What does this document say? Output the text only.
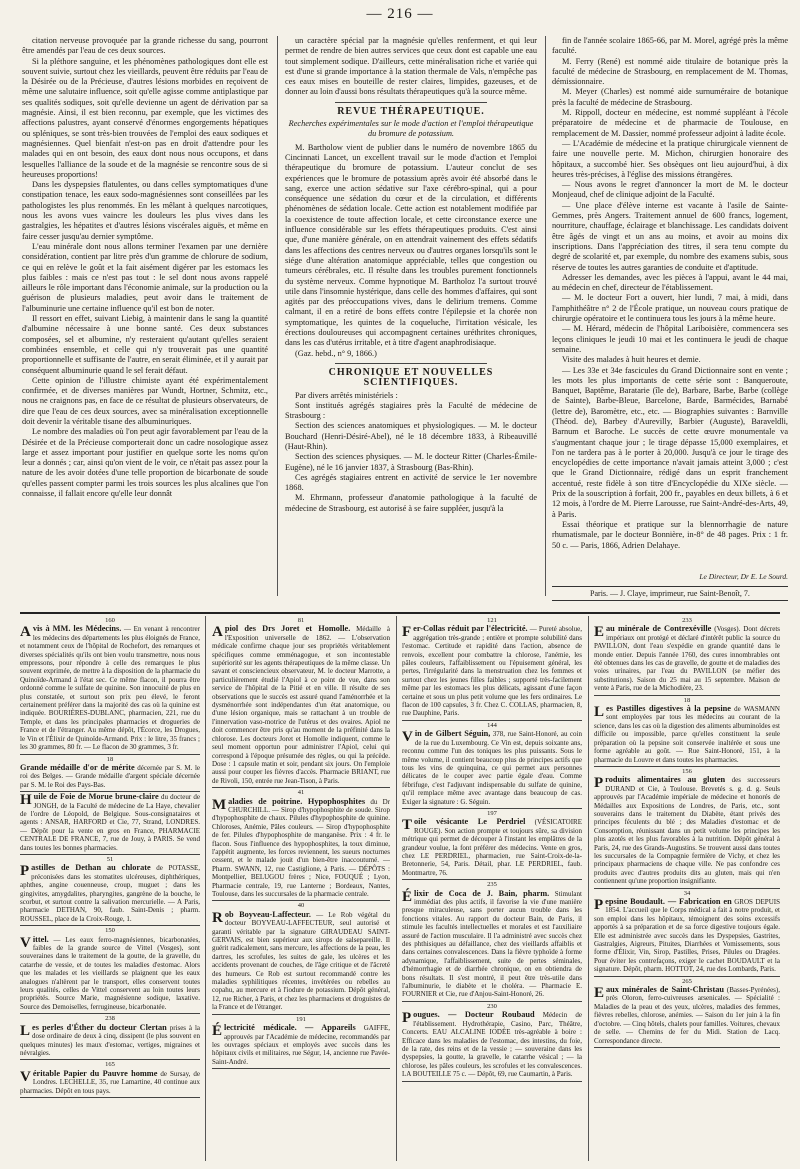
— 216 —

citation nerveuse provoquée par la grande richesse du sang, pourront être amendés par l'eau de ces deux sources.

Si la pléthore sanguine, et les phénomènes pathologiques dont elle est souvent suivie, surtout chez les vieillards, peuvent être réduits par l'eau de la Désirée ou de la Précieuse, d'autres lésions morbides en reçoivent de même une salutaire influence, soit qu'elle agisse comme antiplastique par ses qualités sodiques, soit qu'elle devienne un agent de dérivation par sa magnésie. Ainsi, il est bien reconnu, par exemple, que les victimes des affections palustres, ayant conservé d'énormes engorgements hépatiques ou spléniques, se sont très-bien trouvées de l'emploi des eaux sodiques et magnésiennes. Quel bienfait n'est-on pas en droit d'attendre pour les malades qui en ont besoin, des eaux dont nous nous occupons, et dans lesquelles l'alliance de la soude et de la magnésie se rencontre sous de si heureuses proportions!

Dans les dyspepsies flatulentes, ou dans celles symptomatiques d'une constipation tenace, les eaux sodo-magnésiennes sont conseillées par les pathologistes les plus renommés. En les mêlant à quelques narcotiques, nous les avons vues vaincre les douleurs les plus vives dans les gastralgies, les hépatites et d'autres lésions viscérales aiguës, et même en faire cesser jusqu'au dernier symptôme.

L'eau minérale dont nous allons terminer l'examen par une dernière considération, contient par litre près d'un gramme de chlorure de sodium, ce qui en relève le goût et la fait aisément digérer par les estomacs les plus faibles : mais ce n'est pas tout : le sel dont nous avons rappelé ailleurs le rôle important dans l'économie animale, sur la production ou la guérison de plusieurs maladies, peut avoir dans le traitement de l'albuminurie une certaine influence qu'il est bon de noter.

Il ressort en effet, suivant Liebig, à maintenir dans le sang la quantité d'albumine nécessaire à une bonne santé. Ces deux substances composées, sel et albumine, n'y resteraient qu'autant qu'elles seraient combinées ensemble, et celle qui n'y trouverait pas une quantité proportionnelle et suffisante de l'autre, en serait éliminée, et il y aurait par conséquent albuminurie quand le sel ferait défaut.

Cette opinion de l'illustre chimiste ayant été expérimentalement confirmée, et de diverses manières par Wundt, Hortner, Schmitz, etc., nous ne craignons pas, en face de ce résultat de plusieurs observateurs, de dire que l'eau de ces deux sources, avec sa minéralisation exceptionnelle doit devenir la véritable tisane des albuminuriques.

Le nombre des maladies où l'on peut agir favorablement par l'eau de la Désirée et de la Précieuse comporterait donc un cadre nosologique assez large et assez important pour justifier en quelque sorte les noms qu'on leur a donnés ; car, ainsi qu'on vient de le voir, ce n'était pas assez pour la nature de les avoir dotées d'une telle proportion de bicarbonate de soude qu'elles passent compter parmi les trois sources les plus alcalines que l'on connaisse, il fallait encore qu'elle leur donnât

un caractère spécial par la magnésie qu'elles renferment, et qui leur permet de rendre de bien autres services que ceux dont est capable une eau tout simplement sodique. D'ailleurs, cette minéralisation riche et variée qui est d'une si grande importance à la station thermale de Vals, n'empêche pas ces eaux mises en bouteille de rester claires, limpides, gazeuses, et de donner au loin d'aussi bons résultats thérapeutiques qu'à la source même.

REVUE THÉRAPEUTIQUE.
Recherches expérimentales sur le mode d'action et l'emploi thérapeutique du bromure de potassium.

M. Bartholow vient de publier dans le numéro de novembre 1865 du Cincinnati Lancet, un excellent travail sur le mode d'action et l'emploi thérapeutique du bromure de potassium. L'auteur conclut de ses expériences que le bromure de potassium après avoir été absorbé dans le sang, exerce une action sédative sur l'axe cérébro-spinal, qui a pour conséquence une sédation du cœur et de la circulation, et différents phénomènes de sédation locale. Cette action est notablement modifiée par la coexistence de toute affection locale, et cette circonstance exerce une influence considérable sur les effets thérapeutiques produits. C'est ainsi que, d'une manière générale, on en attendrait vainement des effets sédatifs dans les affections des centres nerveux ou d'autres organes lorsqu'ils sont le siége d'une altération anatomique appréciable, telles que congestion ou tumeurs cérébrales, etc. Il résulte dans les troubles purement fonctionnels du système nerveux. Comme hypnotique M. Bartholoz l'a surtout trouvé utile dans l'insomnie hystérique, dans celle des hommes d'affaires, qui sont agités par des préoccupations vives, dans le delirium tremens. Comme calmant, il en a retiré de bons effets contre l'épilepsie et la chorée non symptomatique, les quintes de la coqueluche, l'irritation vésicale, les érections douloureuses qui accompagnent certaines uréthrites chroniques, dans les cas d'utérus irritable, et à titre d'agent anaphrodisiaque.

(Gaz. hebd., n° 9, 1866.)

CHRONIQUE ET NOUVELLES SCIENTIFIQUES.

Par divers arrêtés ministériels :

Sont institués agrégés stagiaires près la Faculté de médecine de Strasbourg :

Section des sciences anatomiques et physiologiques. — M. le docteur Bouchard (Henri-Désiré-Abel), né le 18 décembre 1833, à Ribeauvillé (Haut-Rhin).

Section des sciences physiques. — M. le docteur Ritter (Charles-Émile-Eugène), né le 16 janvier 1837, à Strasbourg (Bas-Rhin).

Ces agrégés stagiaires entrent en activité de service le 1er novembre 1868.

M. Ehrmann, professeur d'anatomie pathologique à la faculté de médecine de Strasbourg, est autorisé à se faire suppléer, jusqu'à la

fin de l'année scolaire 1865-66, par M. Morel, agrégé près la même faculté.

M. Ferry (René) est nommé aide titulaire de botanique près la faculté de médecine de Strasbourg, en remplacement de M. Thomas, démissionnaire.

M. Meyer (Charles) est nommé aide surnuméraire de botanique près la faculté de médecine de Strasbourg.

M. Rippoll, docteur en médecine, est nommé suppléant à l'école préparatoire de médecine et de pharmacie de Toulouse, en remplacement de M. Dassier, nommé professeur adjoint à ladite école.

— L'Académie de médecine et la pratique chirurgicale viennent de faire une nouvelle perte. M. Michon, chirurgien honoraire des hôpitaux, a succombé hier. Ses obsèques ont lieu aujourd'hui, à dix heures très-précises, à l'église des missions étrangères.

— Nous avons le regret d'annoncer la mort de M. le docteur Monjeaud, chef de clinique adjoint de la Faculté.

— Une place d'élève interne est vacante à l'asile de Sainte-Gemmes, près Angers. Traitement annuel de 600 francs, logement, nourriture, chauffage, éclairage et blanchissage. Les candidats doivent être âgés de vingt et un ans au moins, et avoir au moins dix inscriptions. Dans l'appréciation des titres, il sera tenu compte du degré de scolarité et, par exemple, du nombre des examens subis, sous réserve de toutes les autres garanties de conduite et d'aptitude.

Adresser les demandes, avec les pièces à l'appui, avant le 44 mai, au médecin en chef, directeur de l'établissement.

— M. le docteur Fort a ouvert, hier lundi, 7 mai, à midi, dans l'amphithéâtre n° 2 de l'École pratique, un nouveau cours pratique de chirurgie opératoire et le continuera tous les jours à la même heure.

— M. Hérard, médecin de l'hôpital Lariboisière, commencera ses leçons cliniques le jeudi 10 mai et les continuera le jeudi de chaque semaine.

Visite des malades à huit heures et demie.

— Les 33e et 34e fascicules du Grand Dictionnaire sont en vente ; les mots les plus importants de cette série sont : Banqueroute, Banquet, Baptême, Baratarie (île de), Barbare, Barbe, Barbe (collège de Sainte), Barbe-Bleue, Barcelone, Barde, Barmécides, Barnabé (lettre de), Baromètre, etc., etc. — Biographies suivantes : Barnville (Théod. de), Barbey d'Aurevilly, Barbier (Auguste), Baraveldli, Barnum et Baroche. Le succès de cette œuvre monumentale va s'augmentant chaque jour ; le tirage dépasse 15,000 exemplaires, et l'on ne tardera pas à le porter à 20,000. Jusqu'à ce jour le tirage des encyclopédies de cette importance n'avait jamais atteint 3,000 ; c'est que le Grand Dictionnaire, rédigé dans un esprit franchement accentué, reste fidèle à son titre d'Encyclopédie du XIXe siècle. — Prix de la souscription à forfait, 200 fr., payables en deux billets, à 6 et 12 mois, à l'ordre de M. Pierre Larousse, rue Saint-André-des-Arts, 49, à Paris.

Essai théorique et pratique sur la blennorrhagie de nature rhumatismale, par le docteur Bonnière, in-8° de 48 pages. Prix : 1 fr. 50 c. — Paris, 1866, Adrien Delahaye.

Le Directeur, Dr E. Le Sourd.
Paris. — J. Claye, imprimeur, rue Saint-Benoît, 7.
160
A vis à MM. les Médecins. — En venant à rencontrer les médecins des départements les plus éloignés de France, et notamment ceux de l'hôpital de Rochefort, des remarques et diverses spécialités qu'ils ont bien voulu transmettre, nous nous empressons, pour répondre à celle des remarques le plus souvent exprimée, de mettre à la disposition de la pharmacie du Quinoïde-Armand à l'état sec. Ce même flacon, il pourra être ordonné comme le sulfate de quinine. Son innocuité de plus en plus constatée, et surtout son prix peu élevé, le feront certainement préférer dans la majorité des cas où la quinine est indiquée. BOURIÈRES-DUBLANC, pharmacien, 221, rue du Temple, et dans les principales pharmacies et drogueries de France et de l'étranger. Au même dépôt, l'Écorce, les Drogues, le Vin et l'Élixir de Quinoïde-Armand. Prix : le litre, 35 francs ; les 30 grammes, 80 fr. — Le flacon de 30 grammes, 3 fr.
18
Grande médaille d'or de mérite décernée par S. M. le roi des Belges. — Grande médaille d'argent spéciale décernée par S. M. le Roi des Pays-Bas.
Huile de Foie de Morue brune-claire du docteur de JONGH, de la Faculté de médecine de La Haye, chevalier de l'ordre de Léopold, de Belgique. Sous-consignataires et agents : ANSAR, HARFORD et Cie, 77, Strand, LONDRES. — Dépôt pour la vente en gros en France, PHARMACIE CENTRALE DE FRANCE, 7, rue de Jouy, à PARIS. Se vend dans toutes les bonnes pharmacies.
51
P astilles de Dethan au chlorate de POTASSE, préconisées dans les stomatites ulcéreuses, diphthériques, aphthes, angine couenneuse, croup, muguet ; dans les gingivites, amygdalites, pharyngites, gangrène de la bouche, le scorbut, et surtout contre la salivation mercurielle. — A Paris, pharmacie DETHAN, 90, faub. Saint-Denis ; pharm. ROUSSEL, place de la Croix-Rouge, 1.
150
V ittel. — Les eaux ferro-magnésiennes, bicarbonatées, faibles de la grande source de Vittel (Vosges), sont souveraines dans le traitement de la goutte, de la gravelle, du catarrhe de vessie, et de toutes les maladies d'estomac. Alors que les malades et les vieillards se plaignent que les eaux analogues n'altèrent par le transport, elles conservent toutes leurs qualités, celles de Vittel conservent au loin toutes leurs propriétés. Source Marie, magnésienne sodique, laxative. Source des Demoiselles, ferrugineuse, bicarbonatée.
238
L es perles d'Éther du docteur Clertan prises à la dose ordinaire de deux à cinq, dissipent (le plus souvent en quelques minutes) les maux d'estomac, vertiges, migraines et névralgies.
165
V éritable Papier du Pauvre homme de Sursay, de Londres. LECHELLE, 35, rue Lamartine, 40 continue aux pharmacies. Dépôt en tous pays.
81
A piol des Drs Joret et Homolle. Médaille à l'Exposition universelle de 1862. — L'observation médicale confirme chaque jour ses propriétés véritablement spécifiques comme emménagogue, et son incontestable supériorité sur les agents thérapeutiques de la même classe. Un savant et consciencieux observateur, M. le docteur Marrotte, a particulièrement étudié l'Apiol à ce point de vue, dans son service de l'hôpital de la Pitié et en ville. Il résulte de ses observations que le succès est assuré quand l'aménorrhée et la dysménorrhée sont indépendantes d'un état anatomique, ou d'une lésion organique, mais se rattachant à un trouble de l'innervation vaso-motrice de l'utérus et des ovaires. Apiol ne doit commencer être pris qu'au moment de la préfinité dans la chlorose. Les docteurs Joret et Homolle indiquent, comme le seul moment opportun pour administrer l'Apiol, celui qui correspond à l'époque présumée des règles, ou qui la précède. Dose : 1 capsule matin et soir, pendant six jours. On l'emploie aussi pour couper les fièvres d'accès. Pharmacie BRIANT, rue de Rivoli, 150, entrée rue Jean-Tison, à Paris.
41
M aladies de poitrine. Hypophosphites du Dr CHURCHILL. — Sirop d'hypophosphite de soude. Sirop d'hypophosphite de chaux. Pilules d'hypophosphite de quinine. Chloroses, Anémie, Pâles couleurs. — Sirop d'hypophosphite de fer. Pilules d'hypophosphite de manganèse. Prix : 4 fr. le flacon. Sous l'influence des hypophosphites, la toux diminue, l'appétit augmente, les forces reviennent, les sueurs nocturnes cessent, et le malade jouit d'un bien-être inaccoutumé. — Pharm. SWANN, 12, rue Castiglione, à Paris. — DÉPÔTS : Montpellier, BELUGOU frères ; Nice, FOUQUÉ ; Lyon, Pharmacie centrale, 19, rue Lanterne ; Bordeaux, Nantes, Toulouse, dans les succursales de la pharmacie centrale.
40
R ob Boyveau-Laffecteur. — Le Rob végétal du docteur BOYVEAU-LAFFECTEUR, seul autorisé et garanti véritable par la signature GIRAUDEAU SAINT-GERVAIS, est bien supérieur aux sirops de salsepareille. Il guérit radicalement, sans mercure, les affections de la peau, les dartres, les scrofules, les suites de gale, les ulcères et les accidents provenant de couches, de l'âge critique et de l'âcreté des humeurs. Ce Rob est surtout recommandé contre les maladies syphilitiques récentes, invétérées ou rebelles au copahu, au mercure et à l'iodure de potassium. Dépôt général, 12, rue Richer, à Paris, et chez les pharmaciens et droguistes de la France et de l'étranger.
191
É lectricité médicale. — Appareils GAIFFE, approuvés par l'Académie de médecine, recommandés par les ouvrages spéciaux et employés avec succès dans les hôpitaux civils et militaires, rue Ségur, 14, ancienne rue Pavée-Saint-André.
121
F er-Collas réduit par l'électricité. — Pureté absolue, aggrégation très-grande ; entière et prompte solubilité dans l'estomac. Certitude et rapidité dans l'action, absence de renvois, excellent pour combattre la chlorose, l'anémie, les pâles couleurs, l'affaiblissement ou l'épuisement général, les pertes, l'irrégularité dans la menstruation chez les femmes et surtout chez les jeunes filles faibles ; supporté très-facilement même par les estomacs les plus délicats, agissant d'une façon certaine et sous un plus petit volume que les fers ordinaires. Le flacon de 100 capsules, 3 fr. Chez C. COLLAS, pharmacien, 8, rue Dauphine, Paris.
144
V in de Gilbert Séguin, 378, rue Saint-Honoré, au coin de la rue du Luxembourg. Ce Vin est, depuis soixante ans, reconnu comme l'un des toniques les plus puissants. Sous le même volume, il contient beaucoup plus de principes actifs que tous les vins de quinquina, ce qui permet aux personnes délicates de le couper avec partie égale d'eau. Comme fébrifuge, c'est l'adjuvant indispensable du sulfate de quinine, qu'il remplace même avec avantage dans beaucoup de cas. Exiger la signature : G. Séguin.
197
T oile vésicante Le Perdriel (VÉSICATOIRE ROUGE). Son action prompte et toujours sûre, sa division métrique qui permet de découper à l'instant les emplâtres de la grandeur voulue, la font préférer des médecins. Vente en gros, chez LE PERDRIEL, pharmacien, rue Saint-Croix-de-la-Bretonnerie, 54, Paris. Détail, phar. LE PERDRIEL, faub. Montmartre, 76.
235
É lixir de Coca de J. Bain, pharm. Stimulant immédiat des plus actifs, il favorise la vie d'une manière presque miraculeuse, sans porter aucun trouble dans les fonctions vitales. Au rapport du docteur Bain, de Paris, il stimule les facultés intellectuelles et morales et est l'auxiliaire assuré de l'action musculaire. Il l'a administré avec succès chez des phthisiques au défaillance, chez des vieillards affaiblis et dans certaines convalescences. Dans la fièvre typhoïde à forme adynamique, l'affaiblissement, suite de pertes séminales, d'hémorrhagie et de diarrhée chronique, on en obtiendra de bons résultats. Il s'est montré, il peut être très-utile dans l'albuminurie, le diabète et le choléra. — Pharmacie E. FOURNIER et Cie, rue d'Anjou-Saint-Honoré, 26.
230
P ougues. — Docteur Roubaud Médecin de l'établissement. Hydrothérapie, Casino, Parc, Théâtre, Concerts. EAU ALCALINE IODÉE très-agréable à boire : Efficace dans les maladies de l'estomac, des intestins, du foie, de la rate, des reins et de la vessie ; — souveraine dans les dyspepsies, la goutte, la gravelle, le catarrhe vésical ; — la chlorose, les pâles couleurs, les scrofules et les convalescences. LA BOUTEILLE 75 c. — Dépôt, 69, rue Caumartin, à Paris.
233
E au minérale de Contrexéville (Vosges). Dont décrets impériaux ont protégé et déclaré d'intérêt public la source du PAVILLON, dont l'eau s'expédie en grande quantité dans le monde entier. Depuis l'année 1760, des cures innombrables ont été obtenues dans les cas de gravelle, de goutte et de maladies des voies urinaires, par l'eau du PAVILLON (se méfier des substitutions). Saison du 25 mai au 15 septembre. Maison de vente à Paris, rue de la Michodière, 23.
18
L es Pastilles digestives à la pepsine de WASMANN sont employées par tous les médecins au courant de la science, dans les cas où la digestion des aliments albuminoïdes est difficile ou impossible, parce qu'elles constituent la seule préparation où la pepsine soit conservée inaltérée et sous une forme agréable au goût. — Rue Saint-Honoré, 151, à la pharmacie du Louvre et dans toutes les pharmacies.
156
P roduits alimentaires au gluten des successeurs DURAND et Cie, à Toulouse. Brevetés s. g. d. g. Seuls approuvés par l'Académie impériale de médecine et honorés de Médailles aux Expositions de Londres, de Paris, etc., sont souverains dans le traitement du Diabète, étant privés des principes féculents du blé ; des Maladies d'estomac et de Consomption, réunissant dans un petit volume les principes les plus azotés et les plus favorables à la nutrition. Dépôt général à Paris, 24, rue des Grands-Augustins. Se trouvent aussi dans toutes les succursales de la Compagnie fermière de Vichy, et chez les principaux pharmaciens de chaque ville. Ne pas confondre ces produits avec d'autres produits dits au gluten, mais qui n'en contiennent qu'une proportion insignifiante.
34
P epsine Boudault. — Fabrication en GROS DEPUIS 1854. L'accueil que le Corps médical a fait à notre produit, et son emploi dans les hôpitaux, témoignent des soins excessifs apportés à sa préparation et de sa force digestive toujours égale. Elle est administrée avec succès dans les Dyspepsies, Gastrites, Gastralgies, Aigreurs, Pituites, Diarrhées et Vomissements, sous forme d'Élixir, Vin, Sirop, Pastilles, Prises, Pilules ou Dragées. Pour éviter les contrefaçons, exiger le cachet BOUDAULT et la signature. Dépôt, pharm. HOTTOT, 24, rue des Lombards, Paris.
265
E aux minérales de Saint-Christau (Basses-Pyrénées), près Oloron, ferro-cuivreuses arsenicales. — Spécialité : Maladies de la peau et des yeux, ulcères, maladies des femmes, fièvres rebelles, chlorose, anémies. — Saison du 1er juin à la fin d'octobre. — Cinq hôtels, chalets pour familles. Voitures, chevaux de selle. — Chemins de fer du Midi. Station de Lacq. Correspondance directe.
